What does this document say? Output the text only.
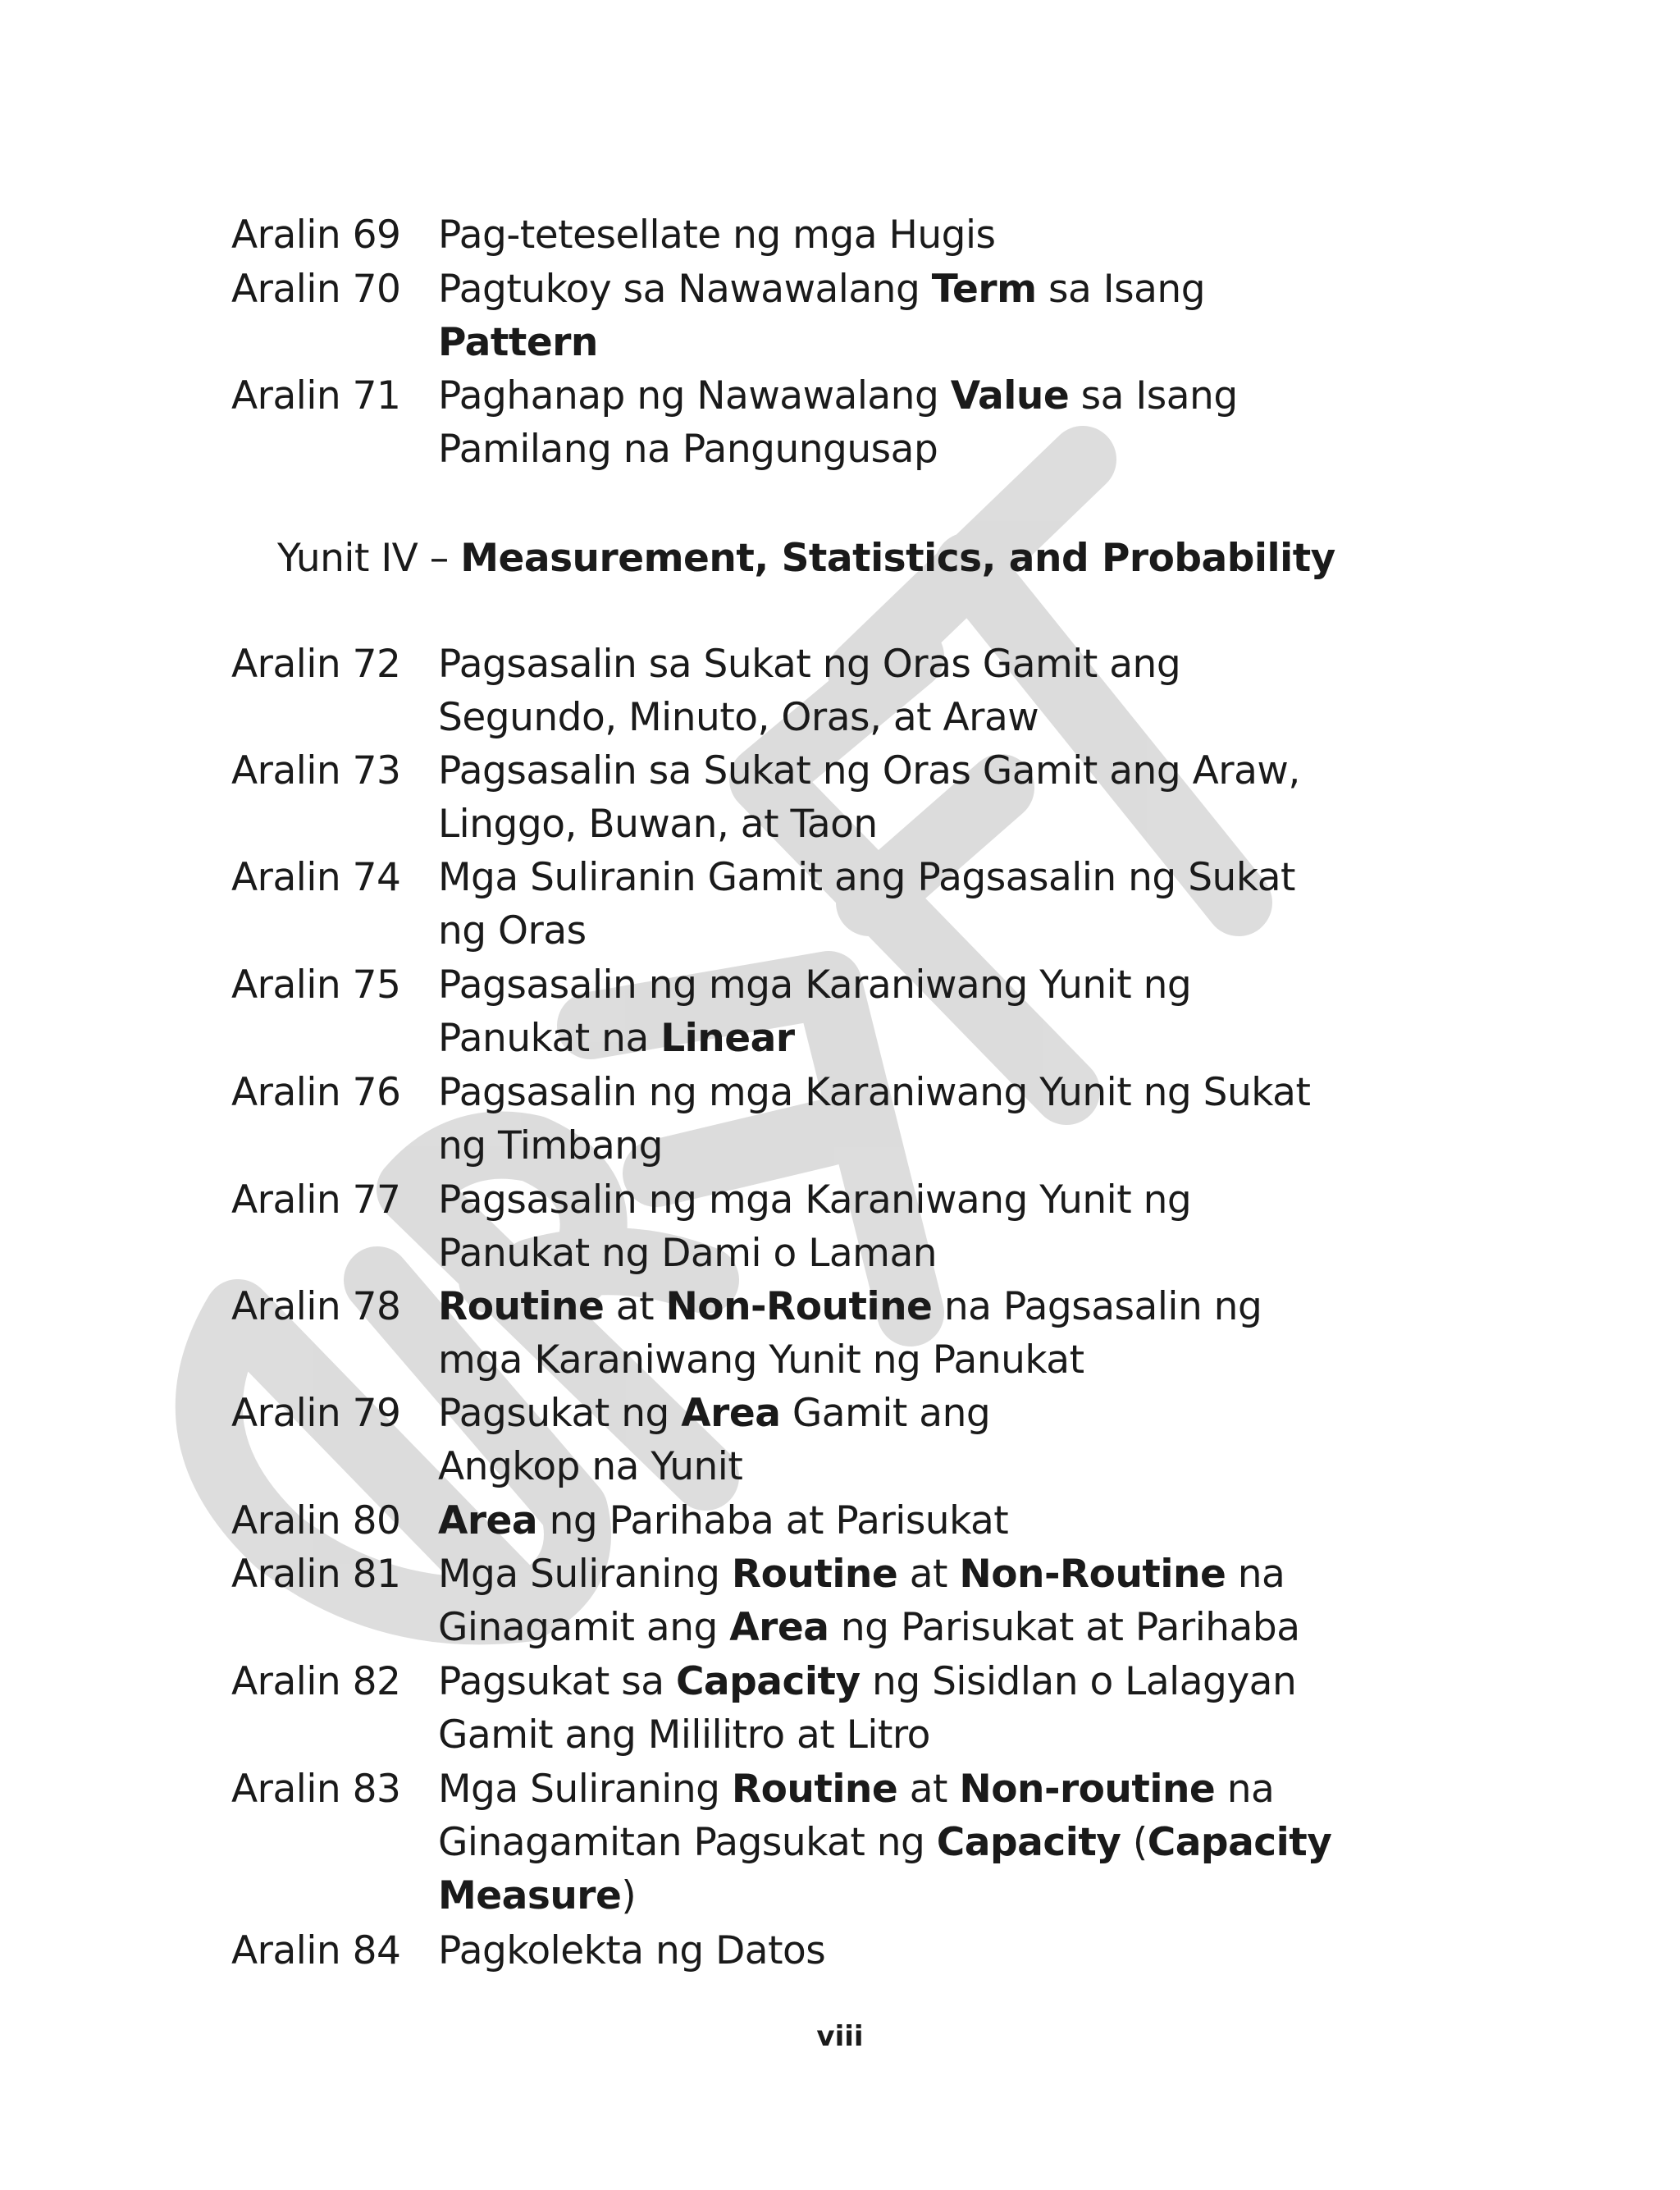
Aralin 69 Pag-tetesellate ng mga Hugis
Aralin 70 Pagtukoy sa Nawawalang Term sa Isang
Pattern
Aralin 71 Paghanap ng Nawawalang Value sa Isang
Pamilang na Pangungusap
Yunit IV – Measurement, Statistics, and Probability
Aralin 72 Pagsasalin sa Sukat ng Oras Gamit ang
Segundo, Minuto, Oras, at Araw
Aralin 73 Pagsasalin sa Sukat ng Oras Gamit ang Araw,
Linggo, Buwan, at Taon
Aralin 74 Mga Suliranin Gamit ang Pagsasalin ng Sukat
ng Oras
Aralin 75 Pagsasalin ng mga Karaniwang Yunit ng
Panukat na Linear
Aralin 76 Pagsasalin ng mga Karaniwang Yunit ng Sukat
ng Timbang
Aralin 77 Pagsasalin ng mga Karaniwang Yunit ng
Panukat ng Dami o Laman
Aralin 78 Routine at Non-Routine na Pagsasalin ng
mga Karaniwang Yunit ng Panukat
Aralin 79 Pagsukat ng Area Gamit ang
Angkop na Yunit
Aralin 80 Area ng Parihaba at Parisukat
Aralin 81 Mga Suliraning Routine at Non-Routine na
Ginagamit ang Area ng Parisukat at Parihaba
Aralin 82 Pagsukat sa Capacity ng Sisidlan o Lalagyan
Gamit ang Mililitro at Litro
Aralin 83 Mga Suliraning Routine at Non-routine na
Ginagamitan Pagsukat ng Capacity (Capacity
Measure)
Aralin 84 Pagkolekta ng Datos
viii
